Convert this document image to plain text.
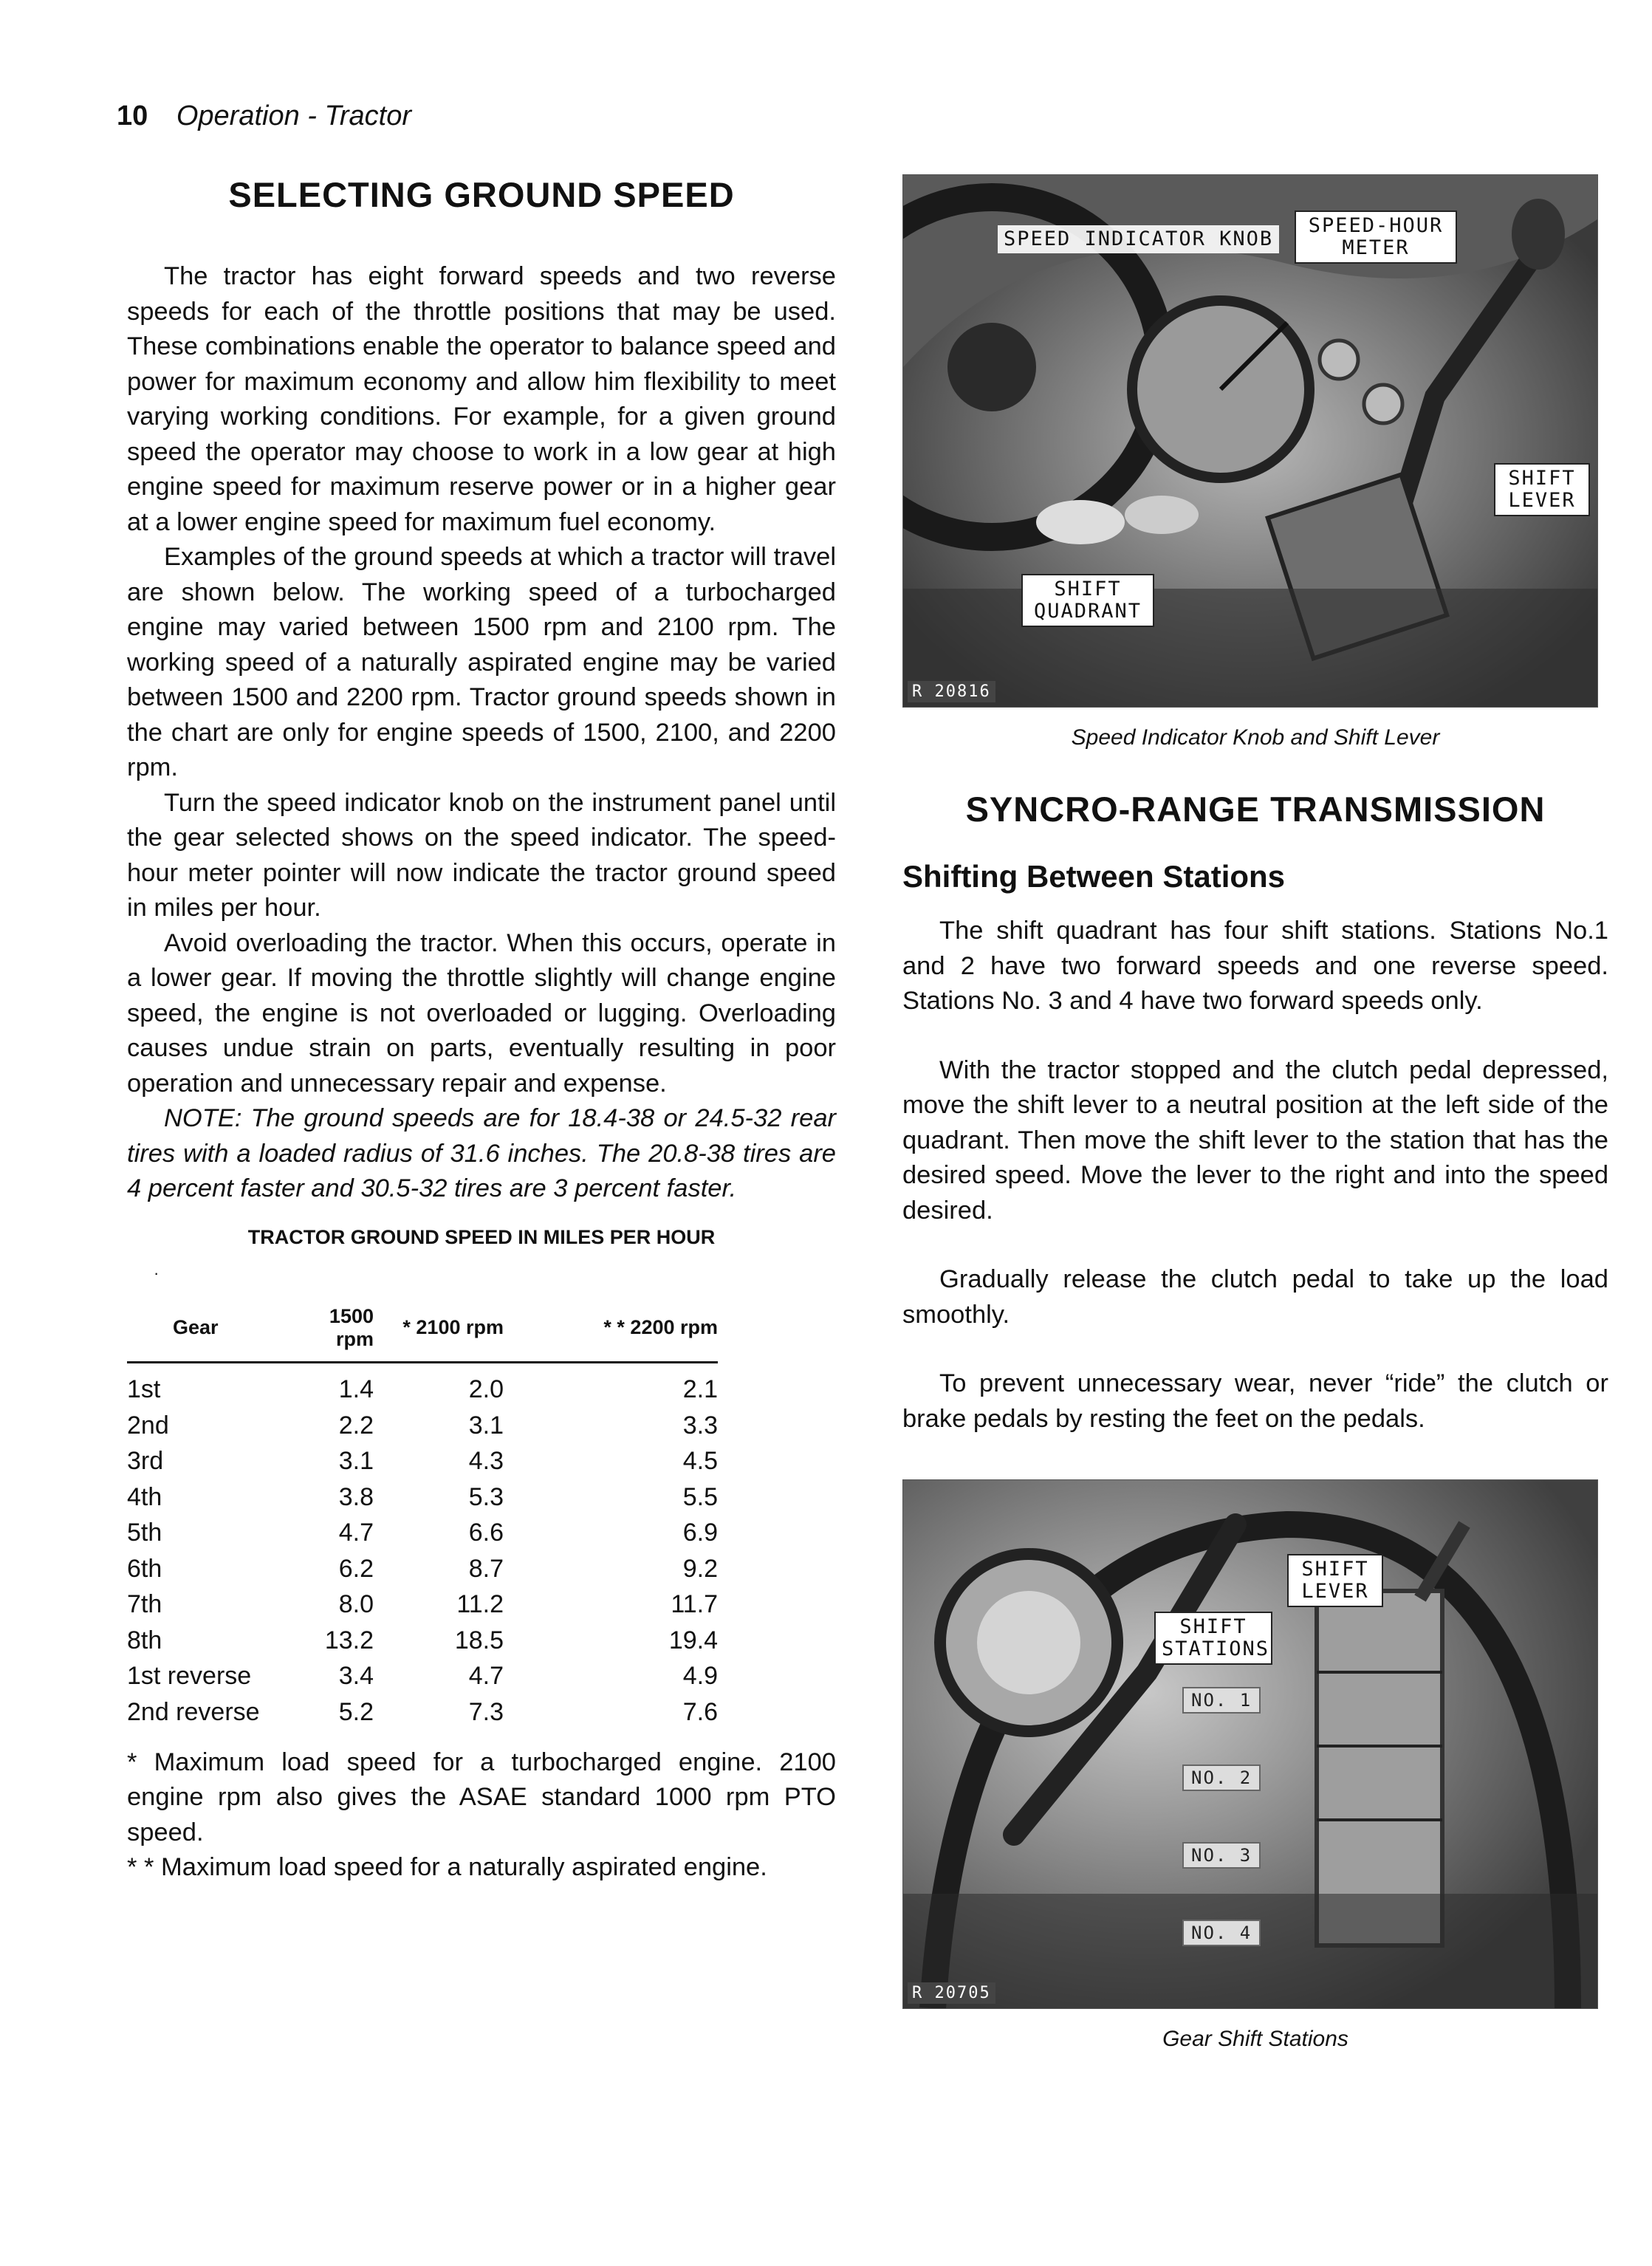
10 Operation - Tractor
SELECTING GROUND SPEED

The tractor has eight forward speeds and two reverse speeds for each of the throttle positions that may be used. These combinations enable the operator to balance speed and power for maximum economy and allow him flexibility to meet varying working conditions. For example, for a given ground speed the operator may choose to work in a low gear at high engine speed for maximum reserve power or in a higher gear at a lower engine speed for maximum fuel economy.

Examples of the ground speeds at which a tractor will travel are shown below. The working speed of a turbocharged engine may varied between 1500 rpm and 2100 rpm. The working speed of a naturally aspirated engine may be varied between 1500 and 2200 rpm. Tractor ground speeds shown in the chart are only for engine speeds of 1500, 2100, and 2200 rpm.

Turn the speed indicator knob on the instrument panel until the gear selected shows on the speed indicator. The speed-hour meter pointer will now indicate the tractor ground speed in miles per hour.

Avoid overloading the tractor. When this occurs, operate in a lower gear. If moving the throttle slightly will change engine speed, the engine is not overloaded or lugging. Overloading causes undue strain on parts, eventually resulting in poor operation and unnecessary repair and expense.

NOTE: The ground speeds are for 18.4-38 or 24.5-32 rear tires with a loaded radius of 31.6 inches. The 20.8-38 tires are 4 percent faster and 30.5-32 tires are 3 percent faster.

TRACTOR GROUND SPEED IN MILES PER HOUR
·
Gear	1500 rpm	* 2100 rpm	* * 2200 rpm
1st	1.4	2.0	2.1
2nd	2.2	3.1	3.3
3rd	3.1	4.3	4.5
4th	3.8	5.3	5.5
5th	4.7	6.6	6.9
6th	6.2	8.7	9.2
7th	8.0	11.2	11.7
8th	13.2	18.5	19.4
1st reverse	3.4	4.7	4.9
2nd reverse	5.2	7.3	7.6

* Maximum load speed for a turbocharged engine. 2100 engine rpm also gives the ASAE standard 1000 rpm PTO speed.

* * Maximum load speed for a naturally aspirated engine.

SPEED INDICATOR KNOB
SPEED-HOUR METER
SHIFT LEVER
SHIFT QUADRANT
R 20816
Speed Indicator Knob and Shift Lever
SYNCRO-RANGE TRANSMISSION
Shifting Between Stations

The shift quadrant has four shift stations. Stations No.1 and 2 have two forward speeds and one reverse speed. Stations No. 3 and 4 have two forward speeds only.

With the tractor stopped and the clutch pedal depressed, move the shift lever to a neutral position at the left side of the quadrant. Then move the shift lever to the station that has the desired speed. Move the lever to the right and into the speed desired.

Gradually release the clutch pedal to take up the load smoothly.

To prevent unnecessary wear, never “ride” the clutch or brake pedals by resting the feet on the pedals.

SHIFT LEVER
SHIFT STATIONS
NO. 1
NO. 2
NO. 3
NO. 4
R 20705
Gear Shift Stations
